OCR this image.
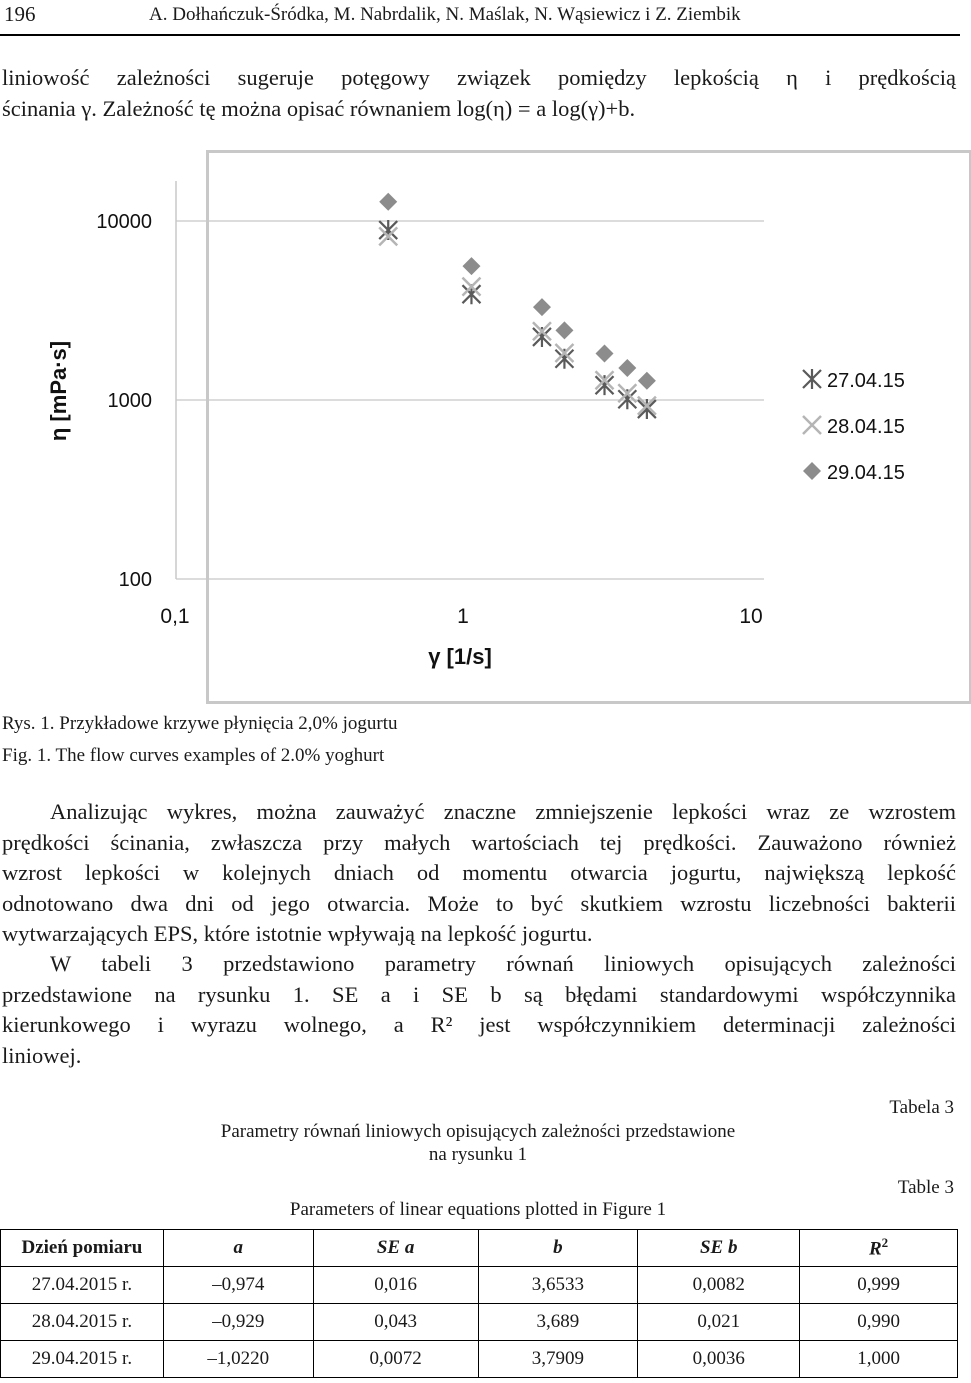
196	A. Dołhańczuk-Śródka, M. Nabrdalik, N. Maślak, N. Wąsiewicz i Z. Ziembik
liniowość zależności sugeruje potęgowy związek pomiędzy lepkością η i prędkością
ścinania γ. Zależność tę można opisać równaniem log(η) = a log(γ)+b.
100
1000
10000
0,1	1	10
γ [1/s]
η [mPa·s]	27.04.15
28.04.15
29.04.15
Rys. 1. Przykładowe krzywe płynięcia 2,0% jogurtu
Fig. 1. The flow curves examples of 2.0% yoghurt
Analizując wykres, można zauważyć znaczne zmniejszenie lepkości wraz ze wzrostem
prędkości ścinania, zwłaszcza przy małych wartościach tej prędkości. Zauważono również
wzrost lepkości w kolejnych dniach od momentu otwarcia jogurtu, największą lepkość
odnotowano dwa dni od jego otwarcia. Może to być skutkiem wzrostu liczebności bakterii
wytwarzających EPS, które istotnie wpływają na lepkość jogurtu.
W tabeli 3 przedstawiono parametry równań liniowych opisujących zależności
przedstawione na rysunku 1. SE a i SE b są błędami standardowymi współczynnika
kierunkowego i wyrazu wolnego, a R² jest współczynnikiem determinacji zależności
liniowej.
Tabela 3
Parametry równań liniowych opisujących zależności przedstawione
na rysunku 1
Table 3
Parameters of linear equations plotted in Figure 1
Dzień pomiaru	a	SE a	b	SE b	$R^2$
27.04.2015 r.	–0,974	0,016	3,6533	0,0082	0,999
28.04.2015 r.	–0,929	0,043	3,689	0,021	0,990
29.04.2015 r.	–1,0220	0,0072	3,7909	0,0036	1,000
